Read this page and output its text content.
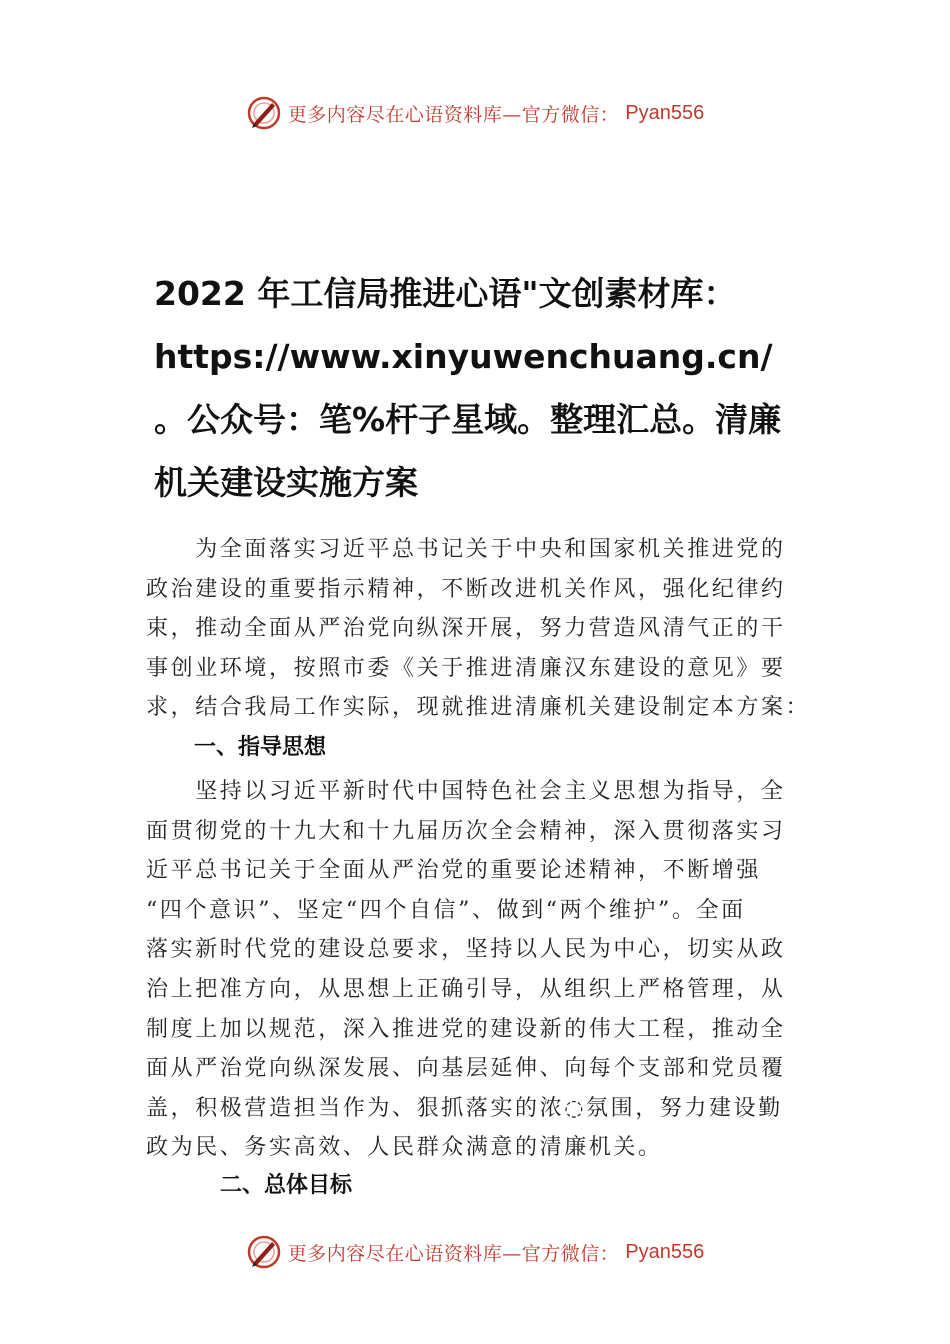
更多内容尽在心语资料库—官方微信： Pyan556
2022 年工信局推进心语"文创素材库：
https://www.xinyuwenchuang.cn/
。公众号：笔%杆子星域。整理汇总。清廉
机关建设实施方案

　　为全面落实习近平总书记关于中央和国家机关推进党的
政治建设的重要指示精神，不断改进机关作风，强化纪律约
束，推动全面从严治党向纵深开展，努力营造风清气正的干
事创业环境，按照市委《关于推进清廉汉东建设的意见》要
求，结合我局工作实际，现就推进清廉机关建设制定本方案：

一、指导思想

　　坚持以习近平新时代中国特色社会主义思想为指导，全
面贯彻党的十九大和十九届历次全会精神，深入贯彻落实习
近平总书记关于全面从严治党的重要论述精神，不断增强
“四个意识”、坚定“四个自信”、做到“两个维护”。全面
落实新时代党的建设总要求，坚持以人民为中心，切实从政
治上把准方向，从思想上正确引导，从组织上严格管理，从
制度上加以规范，深入推进党的建设新的伟大工程，推动全
面从严治党向纵深发展、向基层延伸、向每个支部和党员覆
盖，积极营造担当作为、狠抓落实的浓◌氛围，努力建设勤
政为民、务实高效、人民群众满意的清廉机关。

二、总体目标
更多内容尽在心语资料库—官方微信： Pyan556
